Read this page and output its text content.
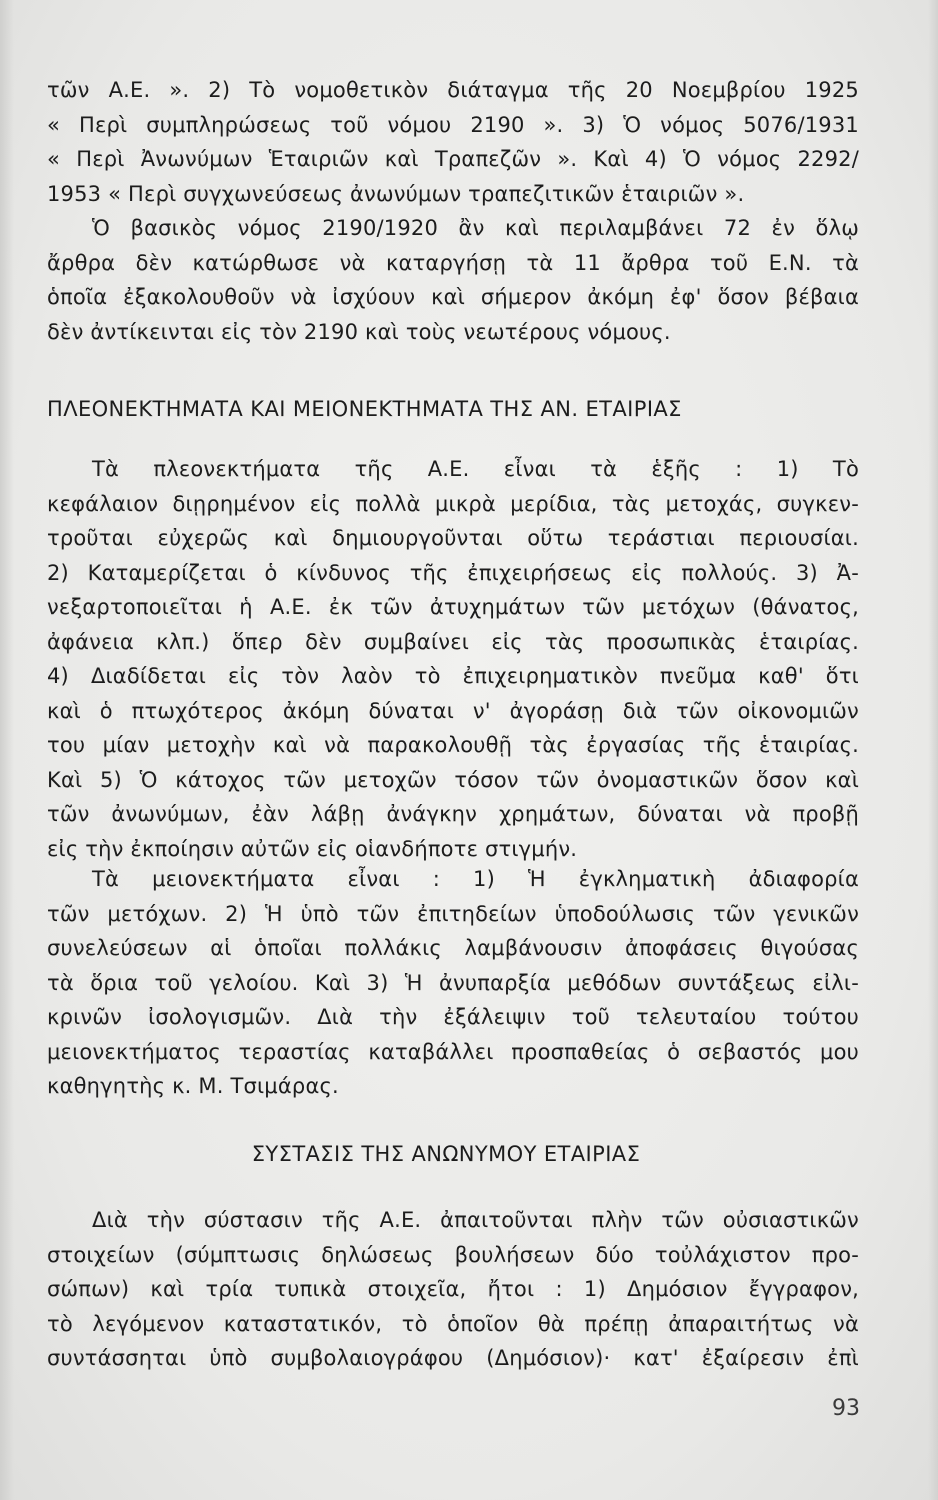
τῶν Α.Ε. ». 2) Τὸ νομοθετικὸν διάταγμα τῆς 20 Νοεμβρίου 1925
« Περὶ συμπληρώσεως τοῦ νόμου 2190 ». 3) Ὁ νόμος 5076/1931
« Περὶ Ἀνωνύμων Ἑταιριῶν καὶ Τραπεζῶν ». Καὶ 4) Ὁ νόμος 2292/
1953 « Περὶ συγχωνεύσεως ἀνωνύμων τραπεζιτικῶν ἑταιριῶν ».
Ὁ βασικὸς νόμος 2190/1920 ἂν καὶ περιλαμβάνει 72 ἐν ὅλῳ
ἄρθρα δὲν κατώρθωσε νὰ καταργήσῃ τὰ 11 ἄρθρα τοῦ Ε.Ν. τὰ
ὁποῖα ἐξακολουθοῦν νὰ ἰσχύουν καὶ σήμερον ἀκόμη ἐφ' ὅσον βέβαια
δὲν ἀντίκεινται εἰς τὸν 2190 καὶ τοὺς νεωτέρους νόμους.
ΠΛΕΟΝΕΚΤΗΜΑΤΑ ΚΑΙ ΜΕΙΟΝΕΚΤΗΜΑΤΑ ΤΗΣ ΑΝ. ΕΤΑΙΡΙΑΣ
Τὰ πλεονεκτήματα τῆς Α.Ε. εἶναι τὰ ἑξῆς : 1) Τὸ
κεφάλαιον διῃρημένον εἰς πολλὰ μικρὰ μερίδια, τὰς μετοχάς, συγκεν-
τροῦται εὐχερῶς καὶ δημιουργοῦνται οὕτω τεράστιαι περιουσίαι.
2) Καταμερίζεται ὁ κίνδυνος τῆς ἐπιχειρήσεως εἰς πολλούς. 3) Ἀ-
νεξαρτοποιεῖται ἡ Α.Ε. ἐκ τῶν ἀτυχημάτων τῶν μετόχων (θάνατος,
ἀφάνεια κλπ.) ὅπερ δὲν συμβαίνει εἰς τὰς προσωπικὰς ἑταιρίας.
4) Διαδίδεται εἰς τὸν λαὸν τὸ ἐπιχειρηματικὸν πνεῦμα καθ' ὅτι
καὶ ὁ πτωχότερος ἀκόμη δύναται ν' ἀγοράσῃ διὰ τῶν οἰκονομιῶν
του μίαν μετοχὴν καὶ νὰ παρακολουθῇ τὰς ἐργασίας τῆς ἑταιρίας.
Καὶ 5) Ὁ κάτοχος τῶν μετοχῶν τόσον τῶν ὀνομαστικῶν ὅσον καὶ
τῶν ἀνωνύμων, ἐὰν λάβῃ ἀνάγκην χρημάτων, δύναται νὰ προβῇ
εἰς τὴν ἐκποίησιν αὐτῶν εἰς οἱανδήποτε στιγμήν.
Τὰ μειονεκτήματα εἶναι : 1) Ἡ ἐγκληματικὴ ἀδιαφορία
τῶν μετόχων. 2) Ἡ ὑπὸ τῶν ἐπιτηδείων ὑποδούλωσις τῶν γενικῶν
συνελεύσεων αἱ ὁποῖαι πολλάκις λαμβάνουσιν ἀποφάσεις θιγούσας
τὰ ὅρια τοῦ γελοίου. Καὶ 3) Ἡ ἀνυπαρξία μεθόδων συντάξεως εἰλι-
κρινῶν ἰσολογισμῶν. Διὰ τὴν ἐξάλειψιν τοῦ τελευταίου τούτου
μειονεκτήματος τεραστίας καταβάλλει προσπαθείας ὁ σεβαστός μου
καθηγητὴς κ. Μ. Τσιμάρας.
ΣΥΣΤΑΣΙΣ ΤΗΣ ΑΝΩΝΥΜΟΥ ΕΤΑΙΡΙΑΣ
Διὰ τὴν σύστασιν τῆς Α.Ε. ἀπαιτοῦνται πλὴν τῶν οὐσιαστικῶν
στοιχείων (σύμπτωσις δηλώσεως βουλήσεων δύο τοὐλάχιστον προ-
σώπων) καὶ τρία τυπικὰ στοιχεῖα, ἤτοι : 1) Δημόσιον ἔγγραφον,
τὸ λεγόμενον καταστατικόν, τὸ ὁποῖον θὰ πρέπῃ ἀπαραιτήτως νὰ
συντάσσηται ὑπὸ συμβολαιογράφου (Δημόσιον)· κατ' ἐξαίρεσιν ἐπὶ
93
